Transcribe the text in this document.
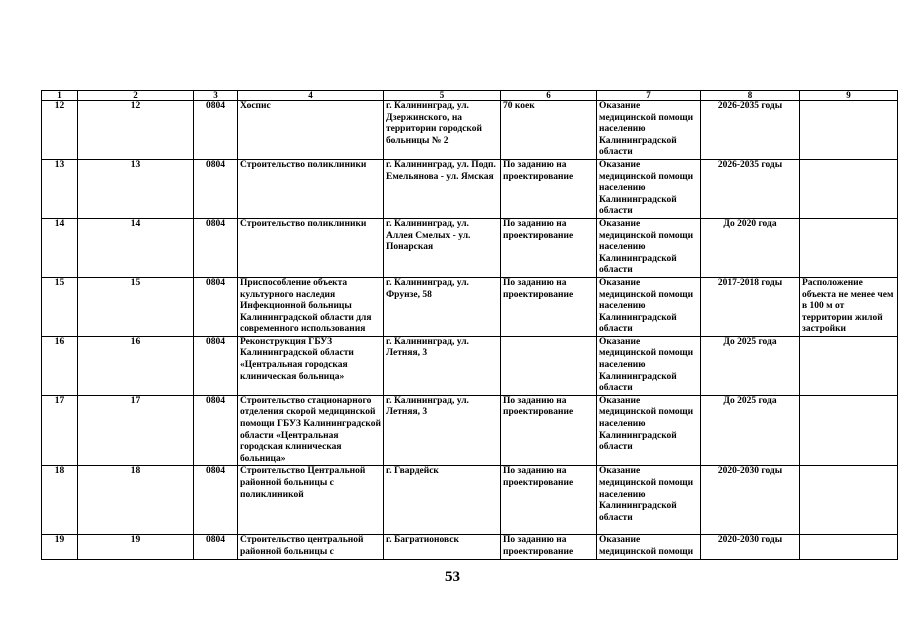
1	2	3	4	5	6	7	8	9
12	12	0804	Хоспис	г. Калининград, ул. Дзержинского, на территории городской больницы № 2	70 коек	Оказание медицинской помощи населению Калининградской области	2026-2035 годы	
13	13	0804	Строительство поликлиники	г. Калининград, ул. Подп. Емельянова - ул. Ямская	По заданию на проектирование	Оказание медицинской помощи населению Калининградской области	2026-2035 годы	
14	14	0804	Строительство поликлиники	г. Калининград, ул. Аллея Смелых - ул. Понарская	По заданию на проектирование	Оказание медицинской помощи населению Калининградской области	До 2020 года	
15	15	0804	Приспособление объекта культурного наследия Инфекционной больницы Калининградской области для современного использования	г. Калининград, ул. Фрунзе, 58	По заданию на проектирование	Оказание медицинской помощи населению Калининградской области	2017-2018 годы	Расположение объекта не менее чем в 100 м от территории жилой застройки
16	16	0804	Реконструкция ГБУЗ Калининградской области «Центральная городская клиническая больница»	г. Калининград, ул. Летняя, 3		Оказание медицинской помощи населению Калининградской области	До 2025 года	
17	17	0804	Строительство стационарного отделения скорой медицинской помощи ГБУЗ Калининградской области «Центральная городская клиническая больница»	г. Калининград, ул. Летняя, 3	По заданию на проектирование	Оказание медицинской помощи населению Калининградской области	До 2025 года	
18	18	0804	Строительство Центральной районной больницы с поликлиникой	г. Гвардейск	По заданию на проектирование	Оказание медицинской помощи населению Калининградской области	2020-2030 годы	
19	19	0804	Строительство центральной районной больницы с	г. Багратионовск	По заданию на проектирование	Оказание медицинской помощи	2020-2030 годы	
53
